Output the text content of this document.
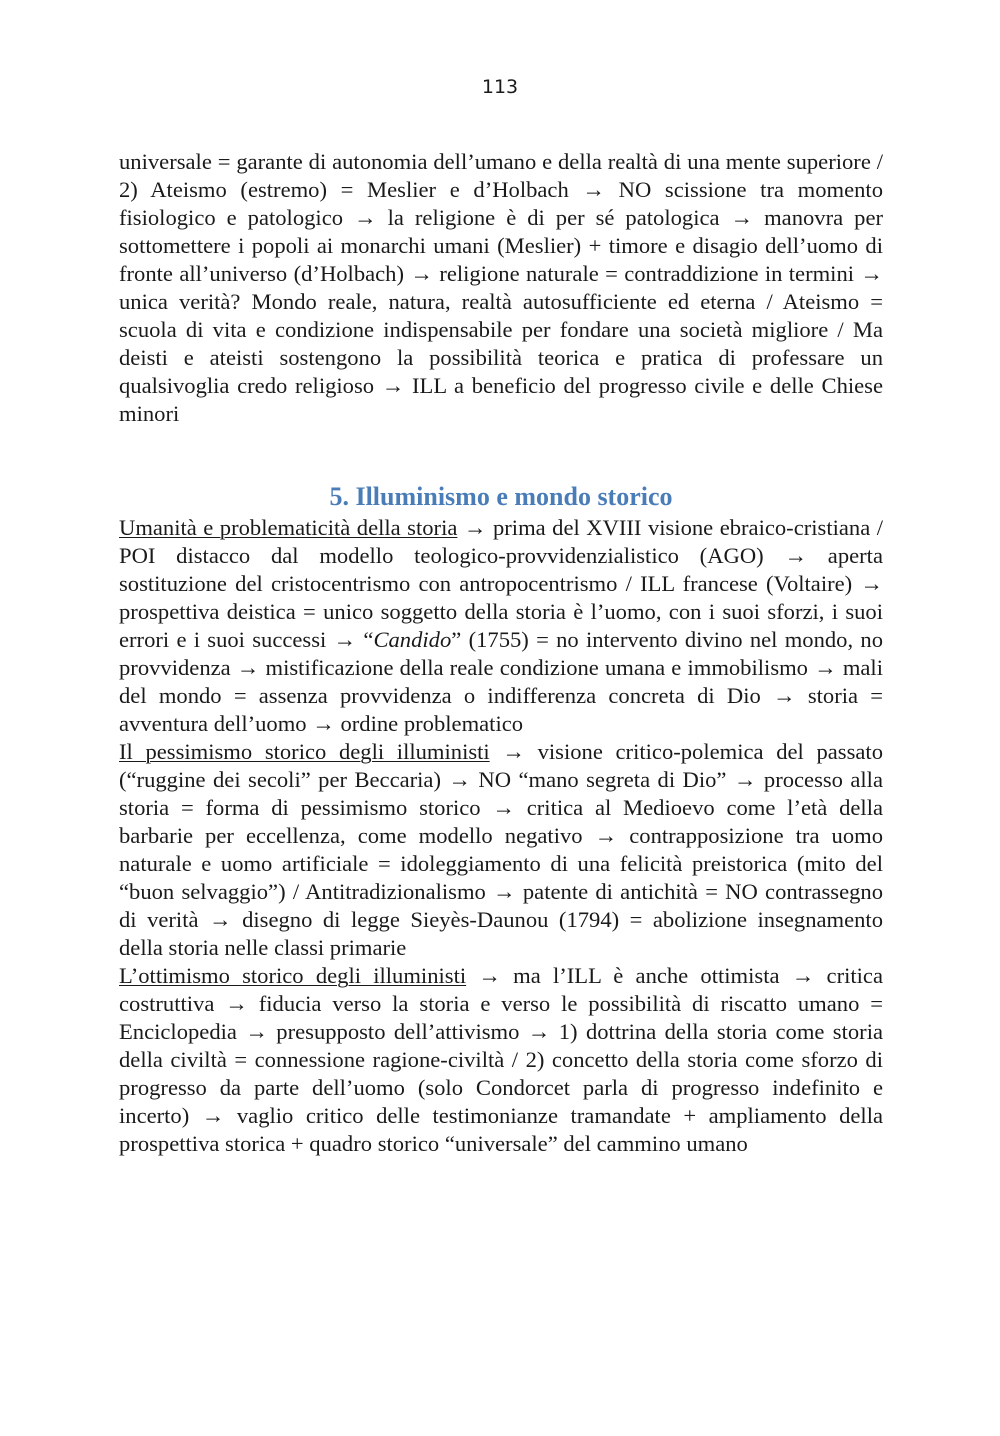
113

universale = garante di autonomia dell’umano e della realtà di una mente superiore / 2) Ateismo (estremo) = Meslier e d’Holbach → NO scissione tra momento fisiologico e patologico → la religione è di per sé patologica → manovra per sottomettere i popoli ai monarchi umani (Meslier) + timore e disagio dell’uomo di fronte all’universo (d’Holbach) → religione naturale = contraddizione in termini → unica verità? Mondo reale, natura, realtà autosufficiente ed eterna / Ateismo = scuola di vita e condizione indispensabile per fondare una società migliore / Ma deisti e ateisti sostengono la possibilità teorica e pratica di professare un qualsivoglia credo religioso → ILL a beneficio del progresso civile e delle Chiese minori

5. Illuminismo e mondo storico

Umanità e problematicità della storia → prima del XVIII visione ebraico-cristiana / POI distacco dal modello teologico-provvidenzialistico (AGO) → aperta sostituzione del cristocentrismo con antropocentrismo / ILL francese (Voltaire) → prospettiva deistica = unico soggetto della storia è l’uomo, con i suoi sforzi, i suoi errori e i suoi successi → “Candido” (1755) = no intervento divino nel mondo, no provvidenza → mistificazione della reale condizione umana e immobilismo → mali del mondo = assenza provvidenza o indifferenza concreta di Dio → storia = avventura dell’uomo → ordine problematico

Il pessimismo storico degli illuministi → visione critico-polemica del passato (“ruggine dei secoli” per Beccaria) → NO “mano segreta di Dio” → processo alla storia = forma di pessimismo storico → critica al Medioevo come l’età della barbarie per eccellenza, come modello negativo → contrapposizione tra uomo naturale e uomo artificiale = idoleggiamento di una felicità preistorica (mito del “buon selvaggio”) / Antitradizionalismo → patente di antichità = NO contrassegno di verità → disegno di legge Sieyès-Daunou (1794) = abolizione insegnamento della storia nelle classi primarie

L’ottimismo storico degli illuministi → ma l’ILL è anche ottimista → critica costruttiva → fiducia verso la storia e verso le possibilità di riscatto umano = Enciclopedia → presupposto dell’attivismo → 1) dottrina della storia come storia della civiltà = connessione ragione-civiltà / 2) concetto della storia come sforzo di progresso da parte dell’uomo (solo Condorcet parla di progresso indefinito e incerto) → vaglio critico delle testimonianze tramandate + ampliamento della prospettiva storica + quadro storico “universale” del cammino umano
